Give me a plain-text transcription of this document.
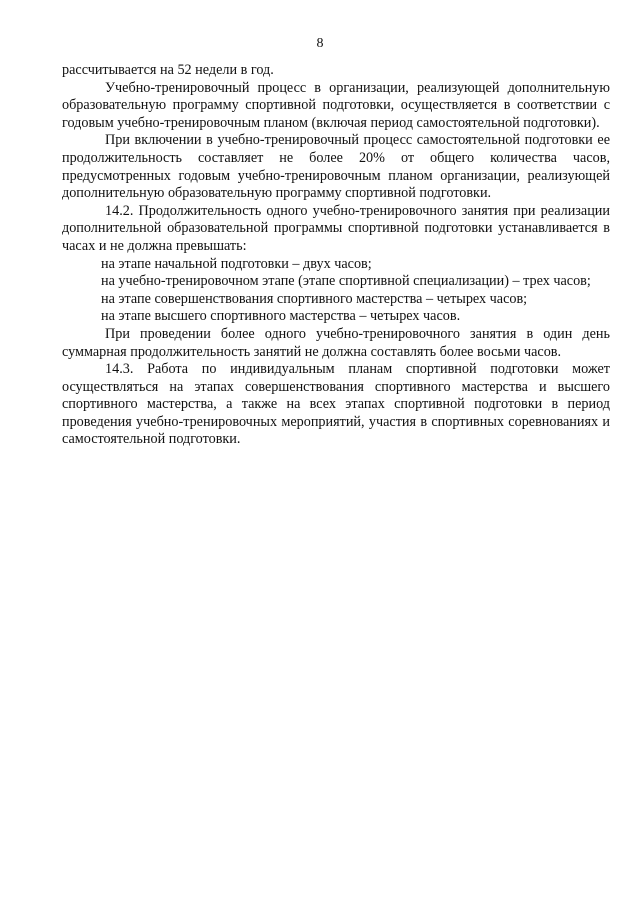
8

рассчитывается на 52 недели в год.

Учебно-тренировочный процесс в организации, реализующей дополнительную образовательную программу спортивной подготовки, осуществляется в соответствии с годовым учебно-тренировочным планом (включая период самостоятельной подготовки).

При включении в учебно-тренировочный процесс самостоятельной подготовки ее продолжительность составляет не более 20% от общего количества часов, предусмотренных годовым учебно-тренировочным планом организации, реализующей дополнительную образовательную программу спортивной подготовки.

14.2. Продолжительность одного учебно-тренировочного занятия при реализации дополнительной образовательной программы спортивной подготовки устанавливается в часах и не должна превышать:

на этапе начальной подготовки – двух часов;

на учебно-тренировочном этапе (этапе спортивной специализации) – трех часов;

на этапе совершенствования спортивного мастерства – четырех часов;

на этапе высшего спортивного мастерства – четырех часов.

При проведении более одного учебно-тренировочного занятия в один день суммарная продолжительность занятий не должна составлять более восьми часов.

14.3. Работа по индивидуальным планам спортивной подготовки может осуществляться на этапах совершенствования спортивного мастерства и высшего спортивного мастерства, а также на всех этапах спортивной подготовки в период проведения учебно-тренировочных мероприятий, участия в спортивных соревнованиях и самостоятельной подготовки.
